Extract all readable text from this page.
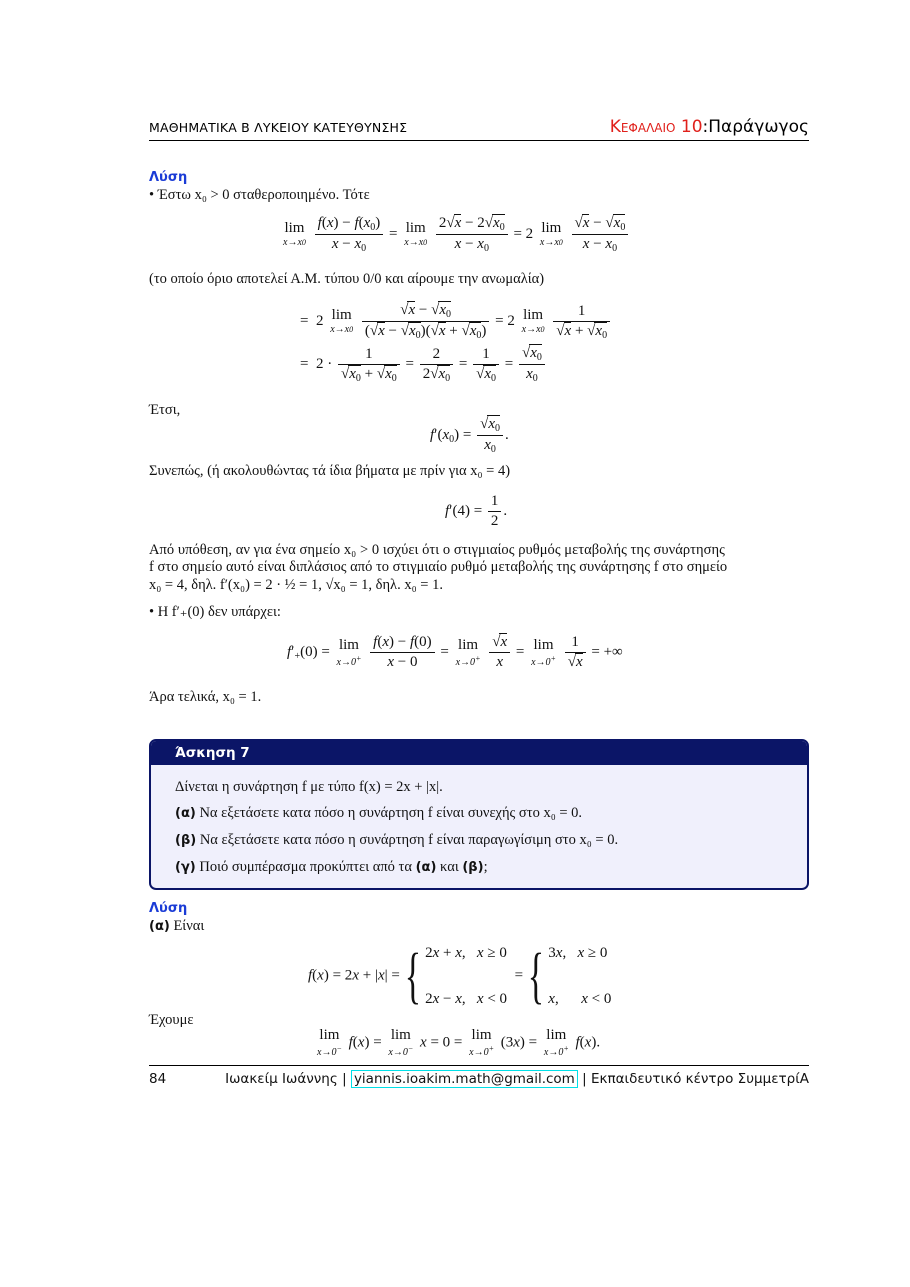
ΜΑΘΗΜΑΤΙΚΑ Β ΛΥΚΕΙΟΥ ΚΑΤΕΥΘΥΝΣΗΣ	Κεφαλαιο 10:Παράγωγος
Λύση
• Έστω x₀ > 0 σταθεροποιημένο. Τότε
lim
x→x0
$\frac{f(x) - f(x_0)}{x - x_0} = \lim$
x→x0
$\frac{2√x - 2√x_0}{x - x_0} = 2$ lim
x→x0
$\frac{√x - √x_0}{x - x_0}$
(το οποίο όριο αποτελεί Α.Μ. τύπου 0/0 και αίρουμε την ανωμαλία)
=  2 lim
x→x0
$\frac{√x - √x_0}{(√x - √x_0)(√x + √x_0)} = 2$ lim
x→x0
$\frac{1}{√x + √x_0}$
=  $2 \cdot \frac{1}{√x_0 + √x_0} = \frac{2}{2√x_0} = \frac{1}{√x_0} = \frac{√x_0}{x_0}$
Έτσι,
$f'(x_0) = \frac{√x_0}{x_0}$ .
Συνεπώς, (ή ακολουθώντας τά ίδια βήματα με πρίν για x₀ = 4)
$f'(4) = \frac{1}{2}$ .
Από υπόθεση, αν για ένα σημείο x₀ > 0 ισχύει ότι ο στιγμιαίος ρυθμός μεταβολής της συνάρτησης
f στο σημείο αυτό είναι διπλάσιος από το στιγμιαίο ρυθμό μεταβολής της συνάρτησης f στο σημείο
x₀ = 4, δηλ. f′(x₀) = 2 · ½ = 1, √x₀ = 1, δηλ. x₀ = 1.
• Η f′₊(0) δεν υπάρχει:
$f'_+(0) = \lim$
x→0+
$\frac{f(x) - f(0)}{x - 0} = \lim$
x→0+
$\frac{√x}{x} = \lim$
x→0+
$\frac{1}{√x}$ = +∞
Άρα τελικά, x₀ = 1.
Άσκηση 7
Δίνεται η συνάρτηση f με τύπο f(x) = 2x + |x|.
(α) Να εξετάσετε κατα πόσο η συνάρτηση f είναι συνεχής στο x₀ = 0.
(β) Να εξετάσετε κατα πόσο η συνάρτηση f είναι παραγωγίσιμη στο x₀ = 0.
(γ) Ποιό συμπέρασμα προκύπτει από τα (α) και (β);
Λύση
(α) Είναι
f(x) = 2x + |x| = { 2x + x,   x ≥ 0
2x − x,   x < 0
= { 3x,   x ≥ 0
x,      x < 0
Έχουμε
lim
x→0− f(x) = lim
x→0− x = 0 = lim
x→0+ (3x) = lim
x→0+ f(x).
84	Ιωακείμ Ιωάννης | yiannis.ioakim.math@gmail.com | Εκπαιδευτικό κέντρο ΣυμμετρίΑ
